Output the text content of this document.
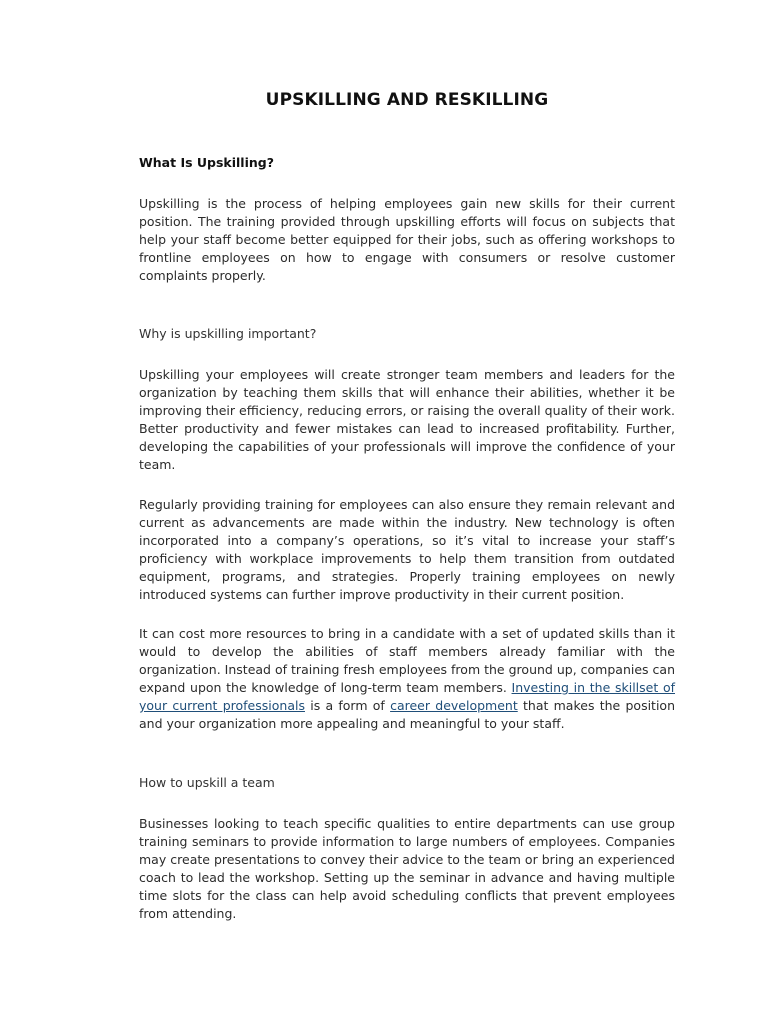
UPSKILLING AND RESKILLING
What Is Upskilling?

Upskilling is the process of helping employees gain new skills for their current position. The training provided through upskilling efforts will focus on subjects that help your staff become better equipped for their jobs, such as offering workshops to frontline employees on how to engage with consumers or resolve customer complaints properly.

Why is upskilling important?

Upskilling your employees will create stronger team members and leaders for the organization by teaching them skills that will enhance their abilities, whether it be improving their efficiency, reducing errors, or raising the overall quality of their work. Better productivity and fewer mistakes can lead to increased profitability. Further, developing the capabilities of your professionals will improve the confidence of your team.

Regularly providing training for employees can also ensure they remain relevant and current as advancements are made within the industry. New technology is often incorporated into a company’s operations, so it’s vital to increase your staff’s proficiency with workplace improvements to help them transition from outdated equipment, programs, and strategies. Properly training employees on newly introduced systems can further improve productivity in their current position.

It can cost more resources to bring in a candidate with a set of updated skills than it would to develop the abilities of staff members already familiar with the organization. Instead of training fresh employees from the ground up, companies can expand upon the knowledge of long-term team members. Investing in the skillset of your current professionals is a form of career development that makes the position and your organization more appealing and meaningful to your staff.

How to upskill a team

Businesses looking to teach specific qualities to entire departments can use group training seminars to provide information to large numbers of employees. Companies may create presentations to convey their advice to the team or bring an experienced coach to lead the workshop. Setting up the seminar in advance and having multiple time slots for the class can help avoid scheduling conflicts that prevent employees from attending.
